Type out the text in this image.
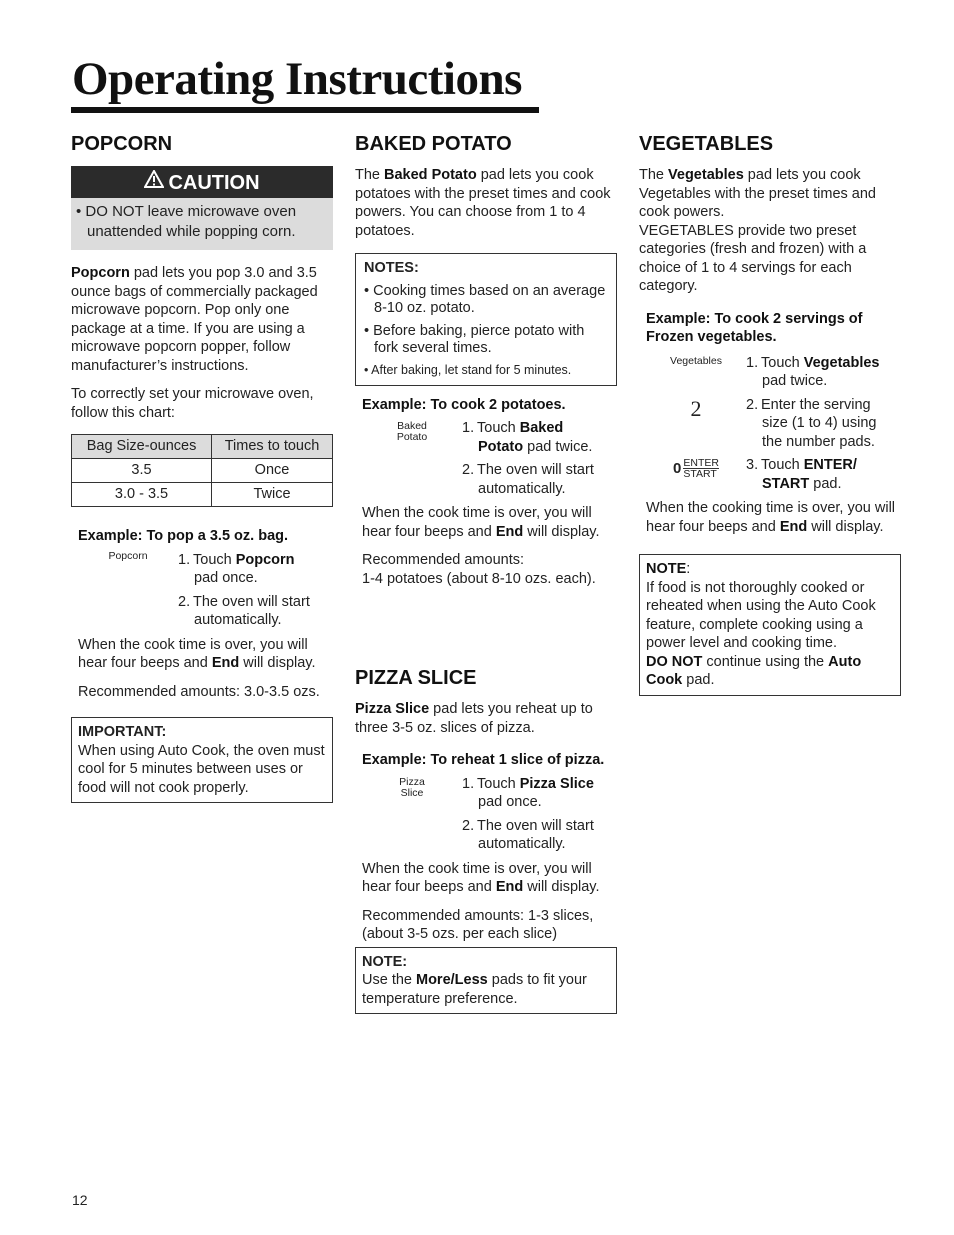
Operating Instructions
POPCORN
CAUTION
• DO NOT leave microwave oven unattended while popping corn.

Popcorn pad lets you pop 3.0 and 3.5 ounce bags of commercially packaged microwave popcorn. Pop only one package at a time. If you are using a microwave popcorn popper, follow manufacturer’s instructions.

To correctly set your microwave oven, follow this chart:

Bag Size-ounces	Times to touch
3.5	Once
3.0 - 3.5	Twice
Example: To pop a 3.5 oz. bag.
Popcorn	1. Touch Popcorn
pad once.
2. The oven will start
automatically.

When the cook time is over, you will hear four beeps and End will display.

Recommended amounts: 3.0-3.5 ozs.

IMPORTANT:
When using Auto Cook, the oven must cool for 5 minutes between uses or food will not cook properly.
BAKED POTATO

The Baked Potato pad lets you cook potatoes with the preset times and cook powers. You can choose from 1 to 4 potatoes.

NOTES:
• Cooking times based on an average 8-10 oz. potato.
• Before baking, pierce potato with fork several times.
• After baking, let stand for 5 minutes.
Example: To cook 2 potatoes.
Baked
Potato
1. Touch Baked
Potato pad twice.
2. The oven will start
automatically.

When the cook time is over, you will hear four beeps and End will display.

Recommended amounts:
1-4 potatoes (about 8-10 ozs. each).

PIZZA SLICE

Pizza Slice pad lets you reheat up to three 3-5 oz. slices of pizza.

Example: To reheat 1 slice of pizza.
Pizza
Slice
1. Touch Pizza Slice
pad once.
2. The oven will start
automatically.

When the cook time is over, you will hear four beeps and End will display.

Recommended amounts: 1-3 slices, (about 3-5 ozs. per each slice)

NOTE:
Use the More/Less pads to fit your temperature preference.
VEGETABLES

The Vegetables pad lets you cook Vegetables with the preset times and cook powers.

VEGETABLES provide two preset categories (fresh and frozen) with a choice of 1 to 4 servings for each category.

Example: To cook 2 servings of Frozen vegetables.
Vegetables	1. Touch Vegetables
pad twice.
2	2. Enter the serving
size (1 to 4) using
the number pads.
0 ENTER
START
3. Touch ENTER/
START pad.

When the cooking time is over, you will hear four beeps and End will display.

NOTE:
If food is not thoroughly cooked or reheated when using the Auto Cook feature, complete cooking using a power level and cooking time.
DO NOT continue using the Auto Cook pad.
12
